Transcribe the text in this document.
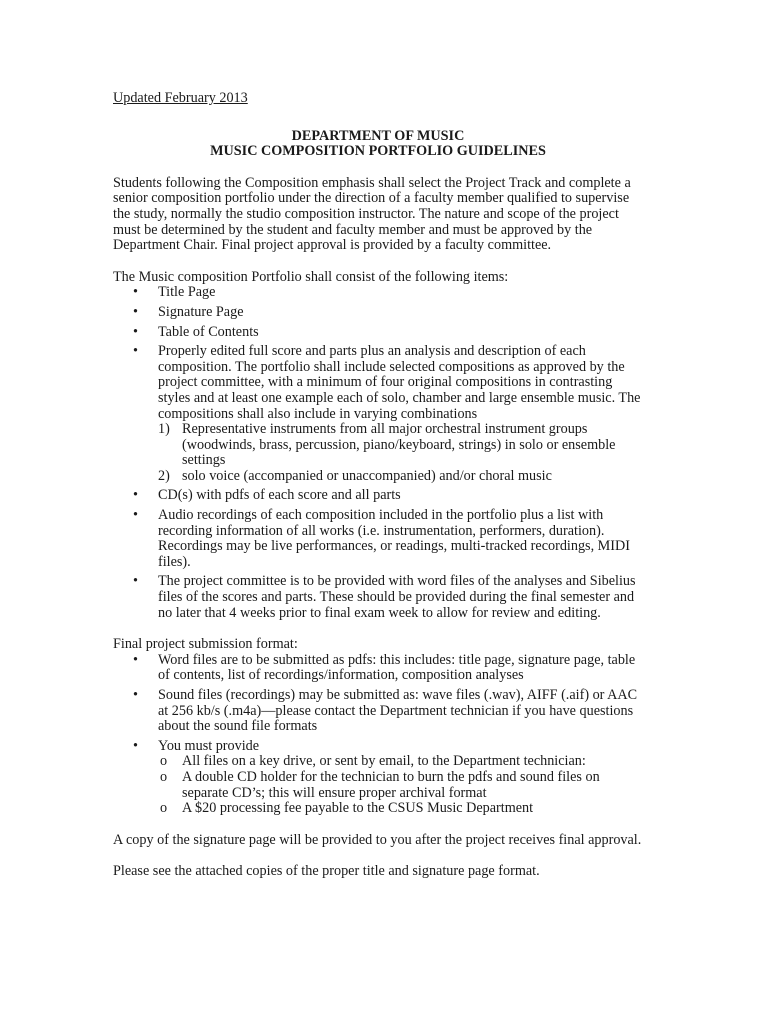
Updated February 2013

DEPARTMENT OF MUSIC

MUSIC COMPOSITION PORTFOLIO GUIDELINES

Students following the Composition emphasis shall select the Project Track and complete a senior composition portfolio under the direction of a faculty member qualified to supervise the study, normally the studio composition instructor. The nature and scope of the project must be determined by the student and faculty member and must be approved by the Department Chair. Final project approval is provided by a faculty committee.

The Music composition Portfolio shall consist of the following items:

• Title Page
• Signature Page
• Table of Contents
• Properly edited full score and parts plus an analysis and description of each composition. The portfolio shall include selected compositions as approved by the project committee, with a minimum of four original compositions in contrasting styles and at least one example each of solo, chamber and large ensemble music. The compositions shall also include in varying combinations
1) Representative instruments from all major orchestral instrument groups (woodwinds, brass, percussion, piano/keyboard, strings) in solo or ensemble settings
2) solo voice (accompanied or unaccompanied) and/or choral music
• CD(s) with pdfs of each score and all parts
• Audio recordings of each composition included in the portfolio plus a list with recording information of all works (i.e. instrumentation, performers, duration). Recordings may be live performances, or readings, multi-tracked recordings, MIDI files).
• The project committee is to be provided with word files of the analyses and Sibelius files of the scores and parts. These should be provided during the final semester and no later that 4 weeks prior to final exam week to allow for review and editing.

Final project submission format:

• Word files are to be submitted as pdfs: this includes: title page, signature page, table of contents, list of recordings/information, composition analyses
• Sound files (recordings) may be submitted as: wave files (.wav), AIFF (.aif) or AAC at 256 kb/s (.m4a)—please contact the Department technician if you have questions about the sound file formats
• You must provide
o All files on a key drive, or sent by email, to the Department technician:
o A double CD holder for the technician to burn the pdfs and sound files on separate CD’s; this will ensure proper archival format
o A $20 processing fee payable to the CSUS Music Department

A copy of the signature page will be provided to you after the project receives final approval.

Please see the attached copies of the proper title and signature page format.
